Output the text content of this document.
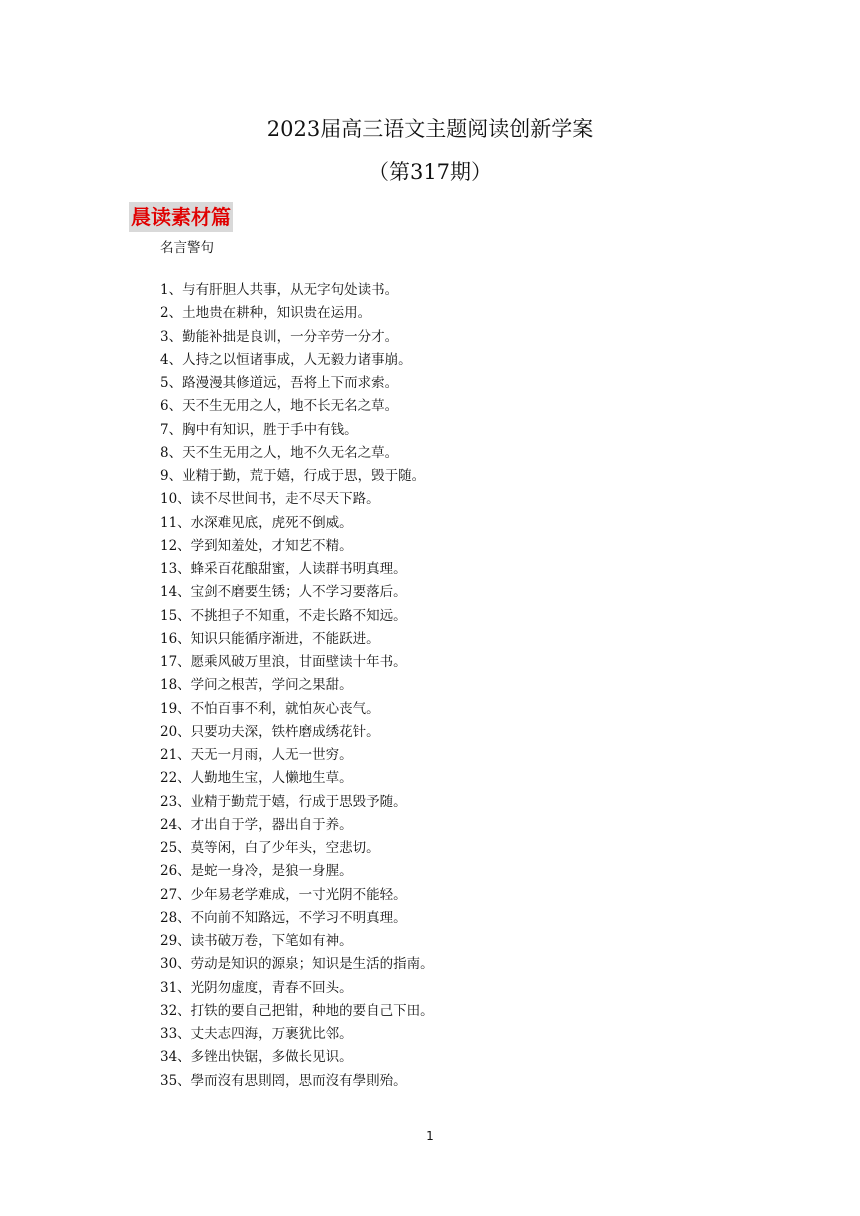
2023届高三语文主题阅读创新学案
（第317期）
晨读素材篇
名言警句
1、与有肝胆人共事，从无字句处读书。
2、土地贵在耕种，知识贵在运用。
3、勤能补拙是良训，一分辛劳一分才。
4、人持之以恒诸事成，人无毅力诸事崩。
5、路漫漫其修道远，吾将上下而求索。
6、天不生无用之人，地不长无名之草。
7、胸中有知识，胜于手中有钱。
8、天不生无用之人，地不久无名之草。
9、业精于勤，荒于嬉，行成于思，毁于随。
10、读不尽世间书，走不尽天下路。
11、水深难见底，虎死不倒威。
12、学到知羞处，才知艺不精。
13、蜂采百花酿甜蜜，人读群书明真理。
14、宝剑不磨要生锈；人不学习要落后。
15、不挑担子不知重，不走长路不知远。
16、知识只能循序渐进，不能跃进。
17、愿乘风破万里浪，甘面壁读十年书。
18、学问之根苦，学问之果甜。
19、不怕百事不利，就怕灰心丧气。
20、只要功夫深，铁杵磨成绣花针。
21、天无一月雨，人无一世穷。
22、人勤地生宝，人懒地生草。
23、业精于勤荒于嬉，行成于思毁予随。
24、才出自于学，器出自于养。
25、莫等闲，白了少年头，空悲切。
26、是蛇一身冷，是狼一身腥。
27、少年易老学难成，一寸光阴不能轻。
28、不向前不知路远，不学习不明真理。
29、读书破万卷，下笔如有神。
30、劳动是知识的源泉；知识是生活的指南。
31、光阴勿虚度，青春不回头。
32、打铁的要自己把钳，种地的要自己下田。
33、丈夫志四海，万裹犹比邻。
34、多锉出快锯，多做长见识。
35、學而沒有思則罔，思而沒有學則殆。
1
